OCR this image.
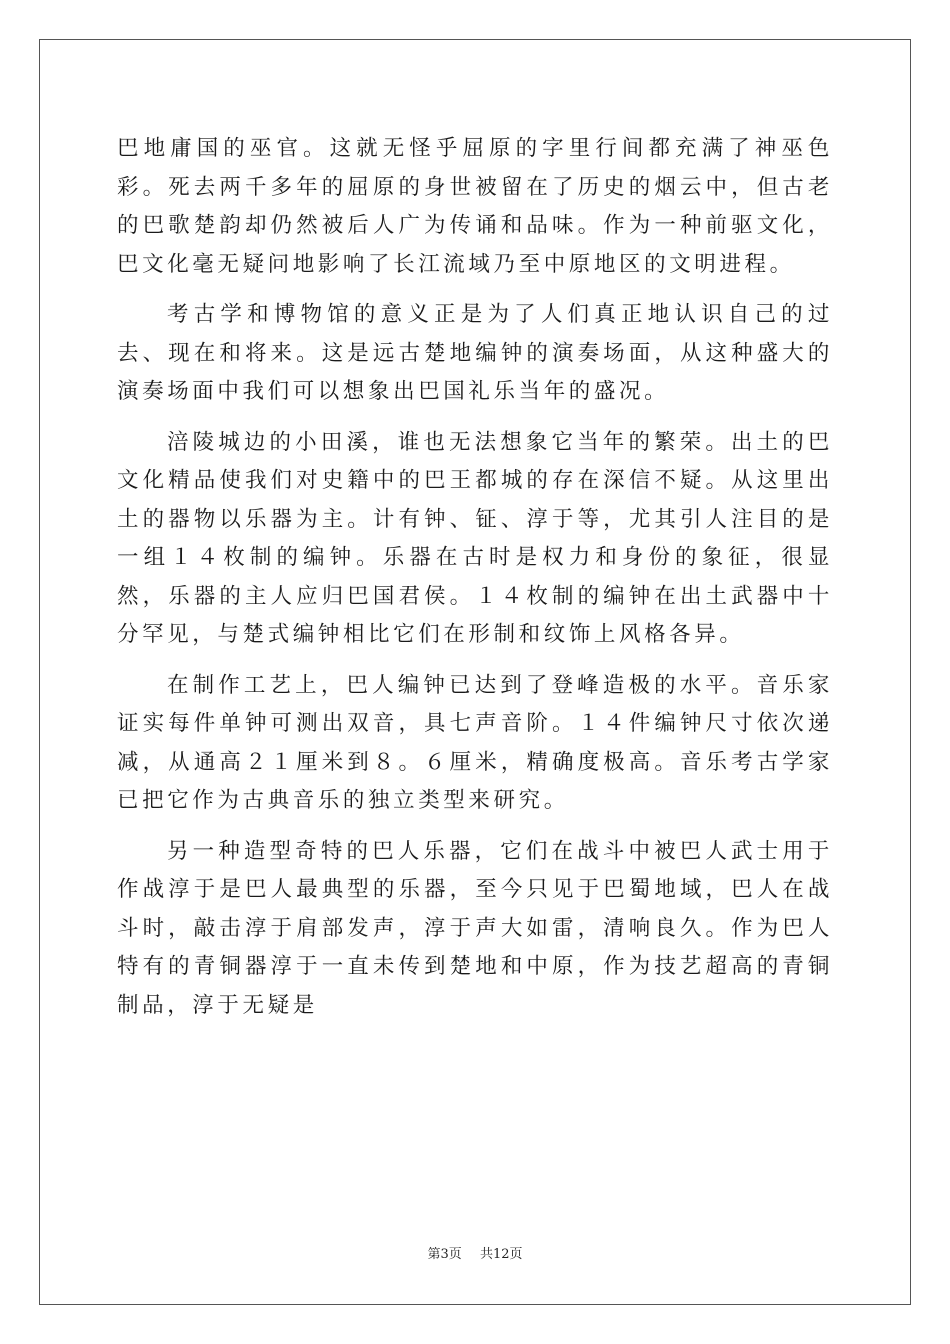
巴地庸国的巫官。这就无怪乎屈原的字里行间都充满了神巫色彩。死去两千多年的屈原的身世被留在了历史的烟云中，但古老的巴歌楚韵却仍然被后人广为传诵和品味。作为一种前驱文化，巴文化毫无疑问地影响了长江流域乃至中原地区的文明进程。

考古学和博物馆的意义正是为了人们真正地认识自己的过去、现在和将来。这是远古楚地编钟的演奏场面，从这种盛大的演奏场面中我们可以想象出巴国礼乐当年的盛况。

涪陵城边的小田溪，谁也无法想象它当年的繁荣。出土的巴文化精品使我们对史籍中的巴王都城的存在深信不疑。从这里出土的器物以乐器为主。计有钟、钲、淳于等，尤其引人注目的是一组１４枚制的编钟。乐器在古时是权力和身份的象征，很显然，乐器的主人应归巴国君侯。１４枚制的编钟在出土武器中十分罕见，与楚式编钟相比它们在形制和纹饰上风格各异。

在制作工艺上，巴人编钟已达到了登峰造极的水平。音乐家证实每件单钟可测出双音，具七声音阶。１４件编钟尺寸依次递减，从通高２１厘米到８。６厘米，精确度极高。音乐考古学家已把它作为古典音乐的独立类型来研究。

另一种造型奇特的巴人乐器，它们在战斗中被巴人武士用于作战淳于是巴人最典型的乐器，至今只见于巴蜀地域，巴人在战斗时，敲击淳于肩部发声，淳于声大如雷，清响良久。作为巴人特有的青铜器淳于一直未传到楚地和中原，作为技艺超高的青铜制品，淳于无疑是

第3页 共12页
